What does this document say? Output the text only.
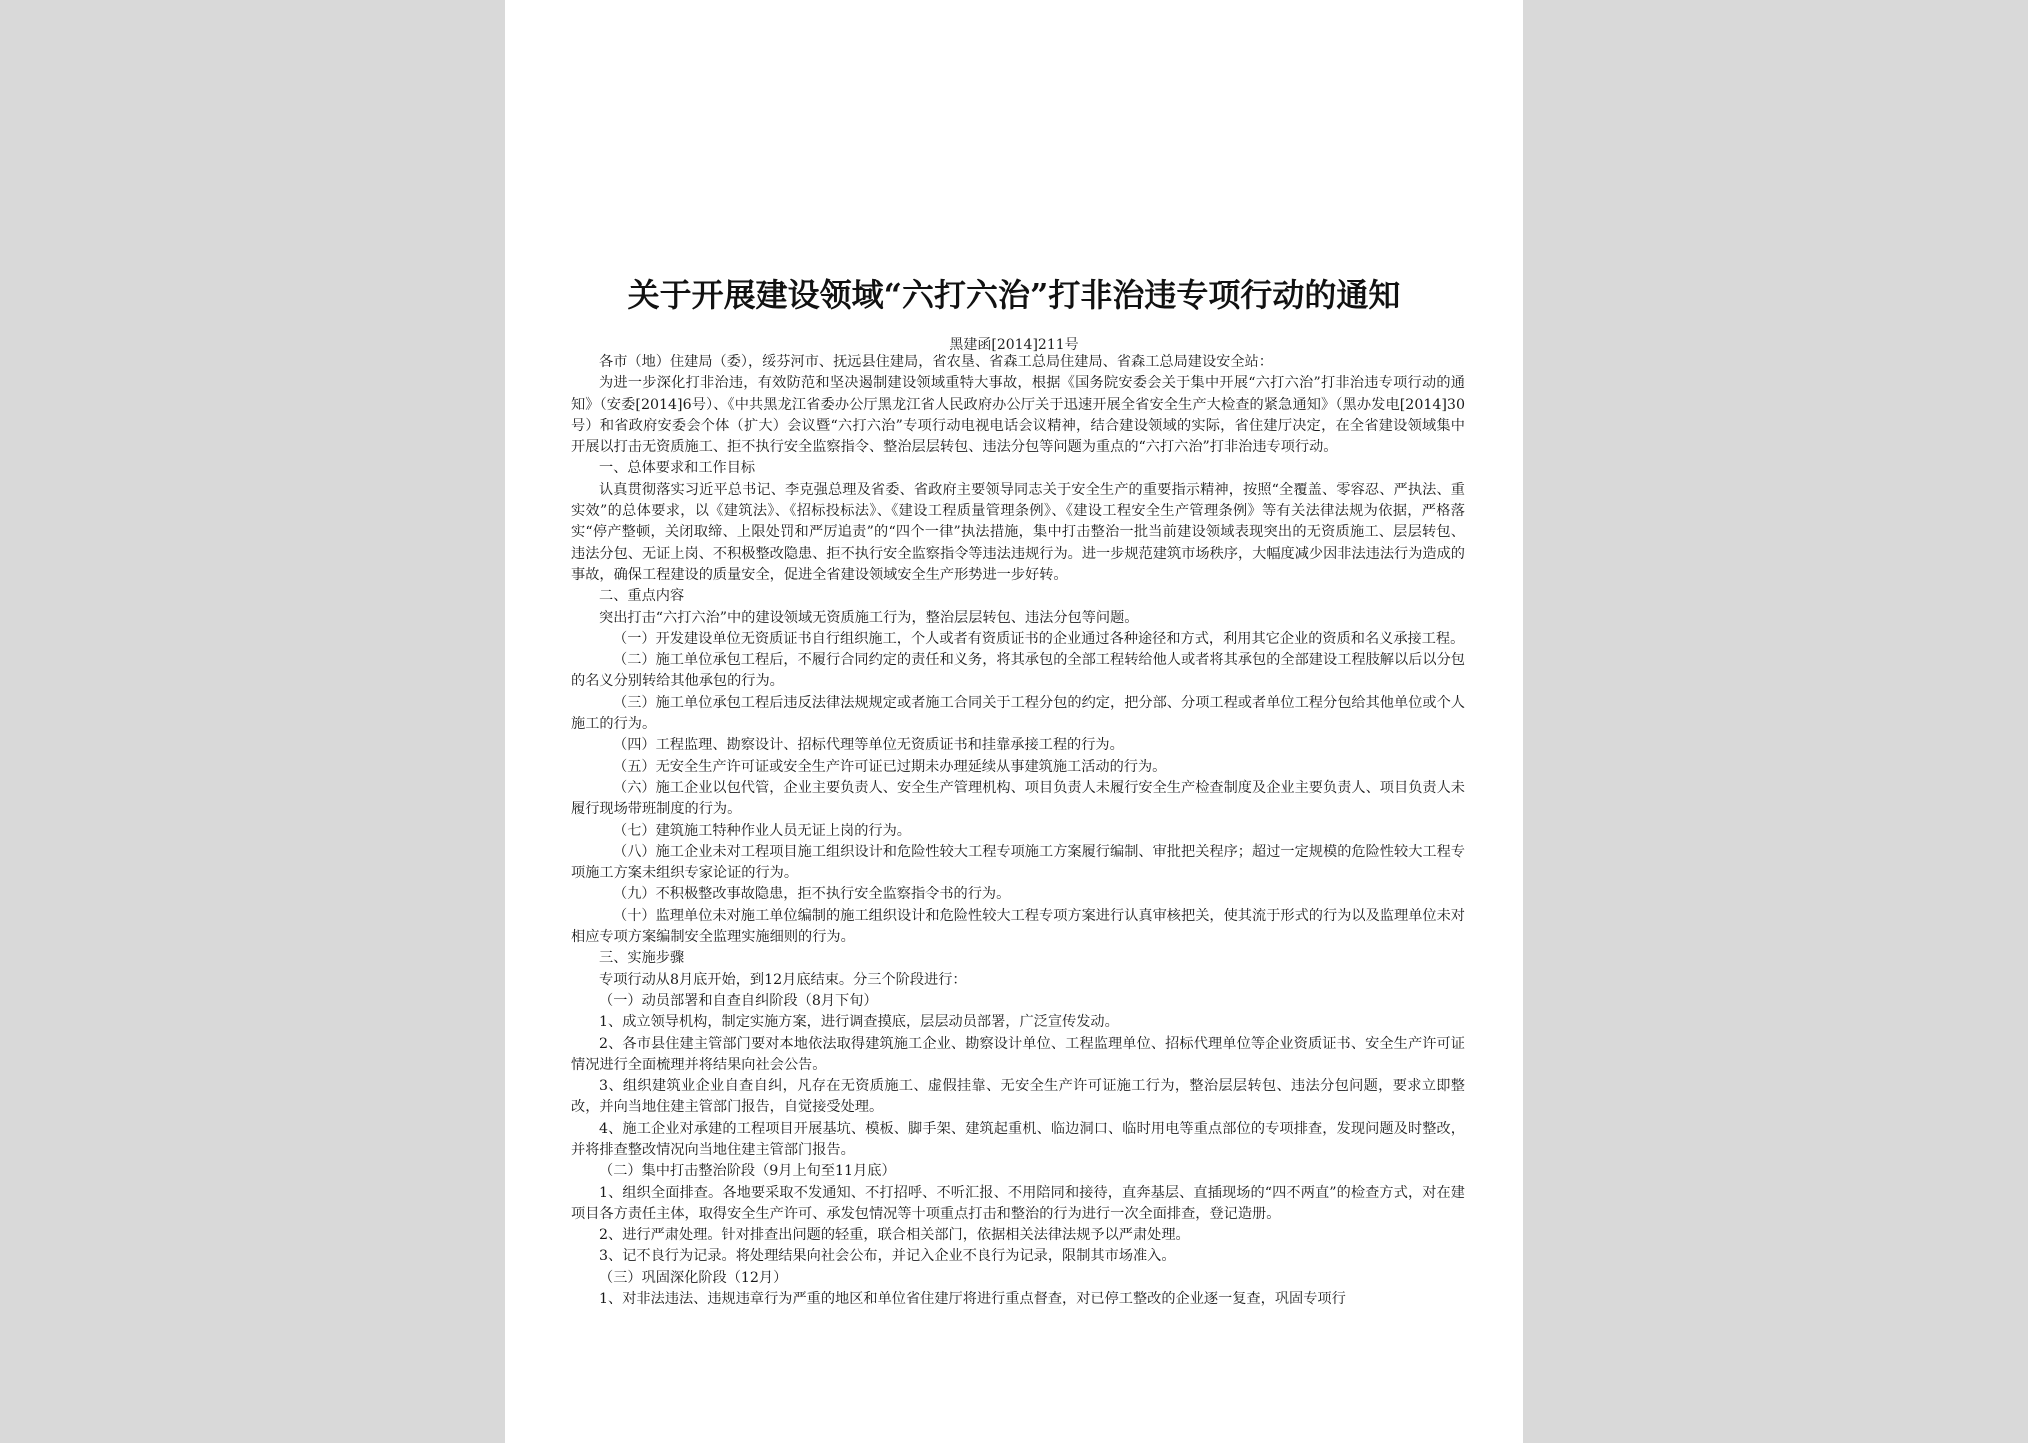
关于开展建设领域“六打六治”打非治违专项行动的通知
黑建函[2014]211号

各市（地）住建局（委），绥芬河市、抚远县住建局，省农垦、省森工总局住建局、省森工总局建设安全站：

为进一步深化打非治违，有效防范和坚决遏制建设领域重特大事故，根据《国务院安委会关于集中开展“六打六治”打非治违专项行动的通知》（安委[2014]6号）、《中共黑龙江省委办公厅黑龙江省人民政府办公厅关于迅速开展全省安全生产大检查的紧急通知》（黑办发电[2014]30号）和省政府安委会个体（扩大）会议暨“六打六治”专项行动电视电话会议精神，结合建设领域的实际，省住建厅决定，在全省建设领域集中开展以打击无资质施工、拒不执行安全监察指令、整治层层转包、违法分包等问题为重点的“六打六治”打非治违专项行动。

一、总体要求和工作目标

认真贯彻落实习近平总书记、李克强总理及省委、省政府主要领导同志关于安全生产的重要指示精神，按照“全覆盖、零容忍、严执法、重实效”的总体要求，以《建筑法》、《招标投标法》、《建设工程质量管理条例》、《建设工程安全生产管理条例》等有关法律法规为依据，严格落实“停产整顿，关闭取缔、上限处罚和严厉追责”的“四个一律”执法措施，集中打击整治一批当前建设领域表现突出的无资质施工、层层转包、违法分包、无证上岗、不积极整改隐患、拒不执行安全监察指令等违法违规行为。进一步规范建筑市场秩序，大幅度减少因非法违法行为造成的事故，确保工程建设的质量安全，促进全省建设领域安全生产形势进一步好转。

二、重点内容

突出打击“六打六治”中的建设领域无资质施工行为，整治层层转包、违法分包等问题。

（一）开发建设单位无资质证书自行组织施工，个人或者有资质证书的企业通过各种途径和方式，利用其它企业的资质和名义承接工程。

（二）施工单位承包工程后，不履行合同约定的责任和义务，将其承包的全部工程转给他人或者将其承包的全部建设工程肢解以后以分包的名义分别转给其他承包的行为。

（三）施工单位承包工程后违反法律法规规定或者施工合同关于工程分包的约定，把分部、分项工程或者单位工程分包给其他单位或个人施工的行为。

（四）工程监理、勘察设计、招标代理等单位无资质证书和挂靠承接工程的行为。

（五）无安全生产许可证或安全生产许可证已过期未办理延续从事建筑施工活动的行为。

（六）施工企业以包代管，企业主要负责人、安全生产管理机构、项目负责人未履行安全生产检查制度及企业主要负责人、项目负责人未履行现场带班制度的行为。

（七）建筑施工特种作业人员无证上岗的行为。

（八）施工企业未对工程项目施工组织设计和危险性较大工程专项施工方案履行编制、审批把关程序；超过一定规模的危险性较大工程专项施工方案未组织专家论证的行为。

（九）不积极整改事故隐患，拒不执行安全监察指令书的行为。

（十）监理单位未对施工单位编制的施工组织设计和危险性较大工程专项方案进行认真审核把关，使其流于形式的行为以及监理单位未对相应专项方案编制安全监理实施细则的行为。

三、实施步骤

专项行动从8月底开始，到12月底结束。分三个阶段进行：

（一）动员部署和自查自纠阶段（8月下旬）

1、成立领导机构，制定实施方案，进行调查摸底，层层动员部署，广泛宣传发动。

2、各市县住建主管部门要对本地依法取得建筑施工企业、勘察设计单位、工程监理单位、招标代理单位等企业资质证书、安全生产许可证情况进行全面梳理并将结果向社会公告。

3、组织建筑业企业自查自纠，凡存在无资质施工、虚假挂靠、无安全生产许可证施工行为，整治层层转包、违法分包问题，要求立即整改，并向当地住建主管部门报告，自觉接受处理。

4、施工企业对承建的工程项目开展基坑、模板、脚手架、建筑起重机、临边洞口、临时用电等重点部位的专项排查，发现问题及时整改，并将排查整改情况向当地住建主管部门报告。

（二）集中打击整治阶段（9月上旬至11月底）

1、组织全面排查。各地要采取不发通知、不打招呼、不听汇报、不用陪同和接待，直奔基层、直插现场的“四不两直”的检查方式，对在建项目各方责任主体，取得安全生产许可、承发包情况等十项重点打击和整治的行为进行一次全面排查，登记造册。

2、进行严肃处理。针对排查出问题的轻重，联合相关部门，依据相关法律法规予以严肃处理。

3、记不良行为记录。将处理结果向社会公布，并记入企业不良行为记录，限制其市场准入。

（三）巩固深化阶段（12月）

1、对非法违法、违规违章行为严重的地区和单位省住建厅将进行重点督查，对已停工整改的企业逐一复查，巩固专项行
